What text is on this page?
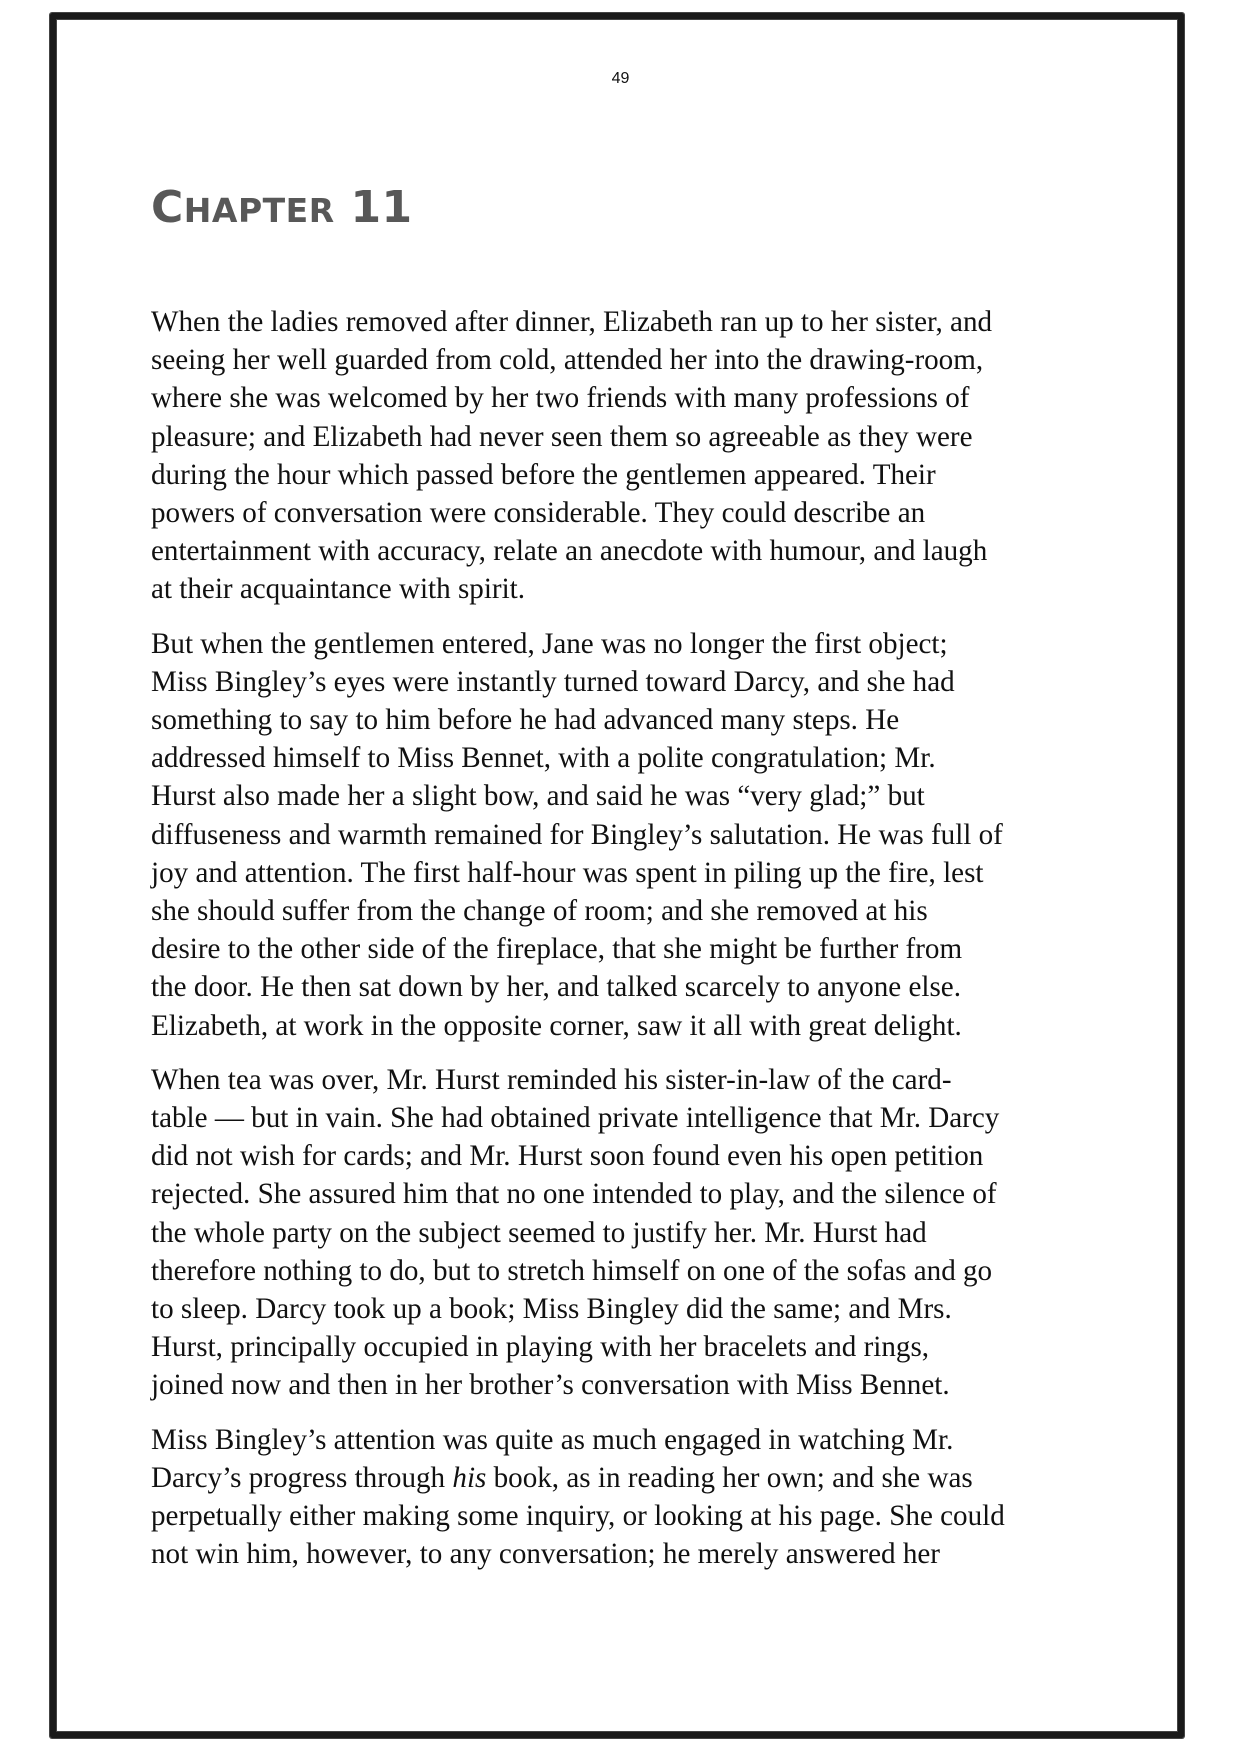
49
CHAPTER 11

When the ladies removed after dinner, Elizabeth ran up to her sister, and
seeing her well guarded from cold, attended her into the drawing-room,
where she was welcomed by her two friends with many professions of
pleasure; and Elizabeth had never seen them so agreeable as they were
during the hour which passed before the gentlemen appeared. Their
powers of conversation were considerable. They could describe an
entertainment with accuracy, relate an anecdote with humour, and laugh
at their acquaintance with spirit.

But when the gentlemen entered, Jane was no longer the first object;
Miss Bingley’s eyes were instantly turned toward Darcy, and she had
something to say to him before he had advanced many steps. He
addressed himself to Miss Bennet, with a polite congratulation; Mr.
Hurst also made her a slight bow, and said he was “very glad;” but
diffuseness and warmth remained for Bingley’s salutation. He was full of
joy and attention. The first half-hour was spent in piling up the fire, lest
she should suffer from the change of room; and she removed at his
desire to the other side of the fireplace, that she might be further from
the door. He then sat down by her, and talked scarcely to anyone else.
Elizabeth, at work in the opposite corner, saw it all with great delight.

When tea was over, Mr. Hurst reminded his sister-in-law of the card-
table — but in vain. She had obtained private intelligence that Mr. Darcy
did not wish for cards; and Mr. Hurst soon found even his open petition
rejected. She assured him that no one intended to play, and the silence of
the whole party on the subject seemed to justify her. Mr. Hurst had
therefore nothing to do, but to stretch himself on one of the sofas and go
to sleep. Darcy took up a book; Miss Bingley did the same; and Mrs.
Hurst, principally occupied in playing with her bracelets and rings,
joined now and then in her brother’s conversation with Miss Bennet.

Miss Bingley’s attention was quite as much engaged in watching Mr.
Darcy’s progress through his book, as in reading her own; and she was
perpetually either making some inquiry, or looking at his page. She could
not win him, however, to any conversation; he merely answered her
